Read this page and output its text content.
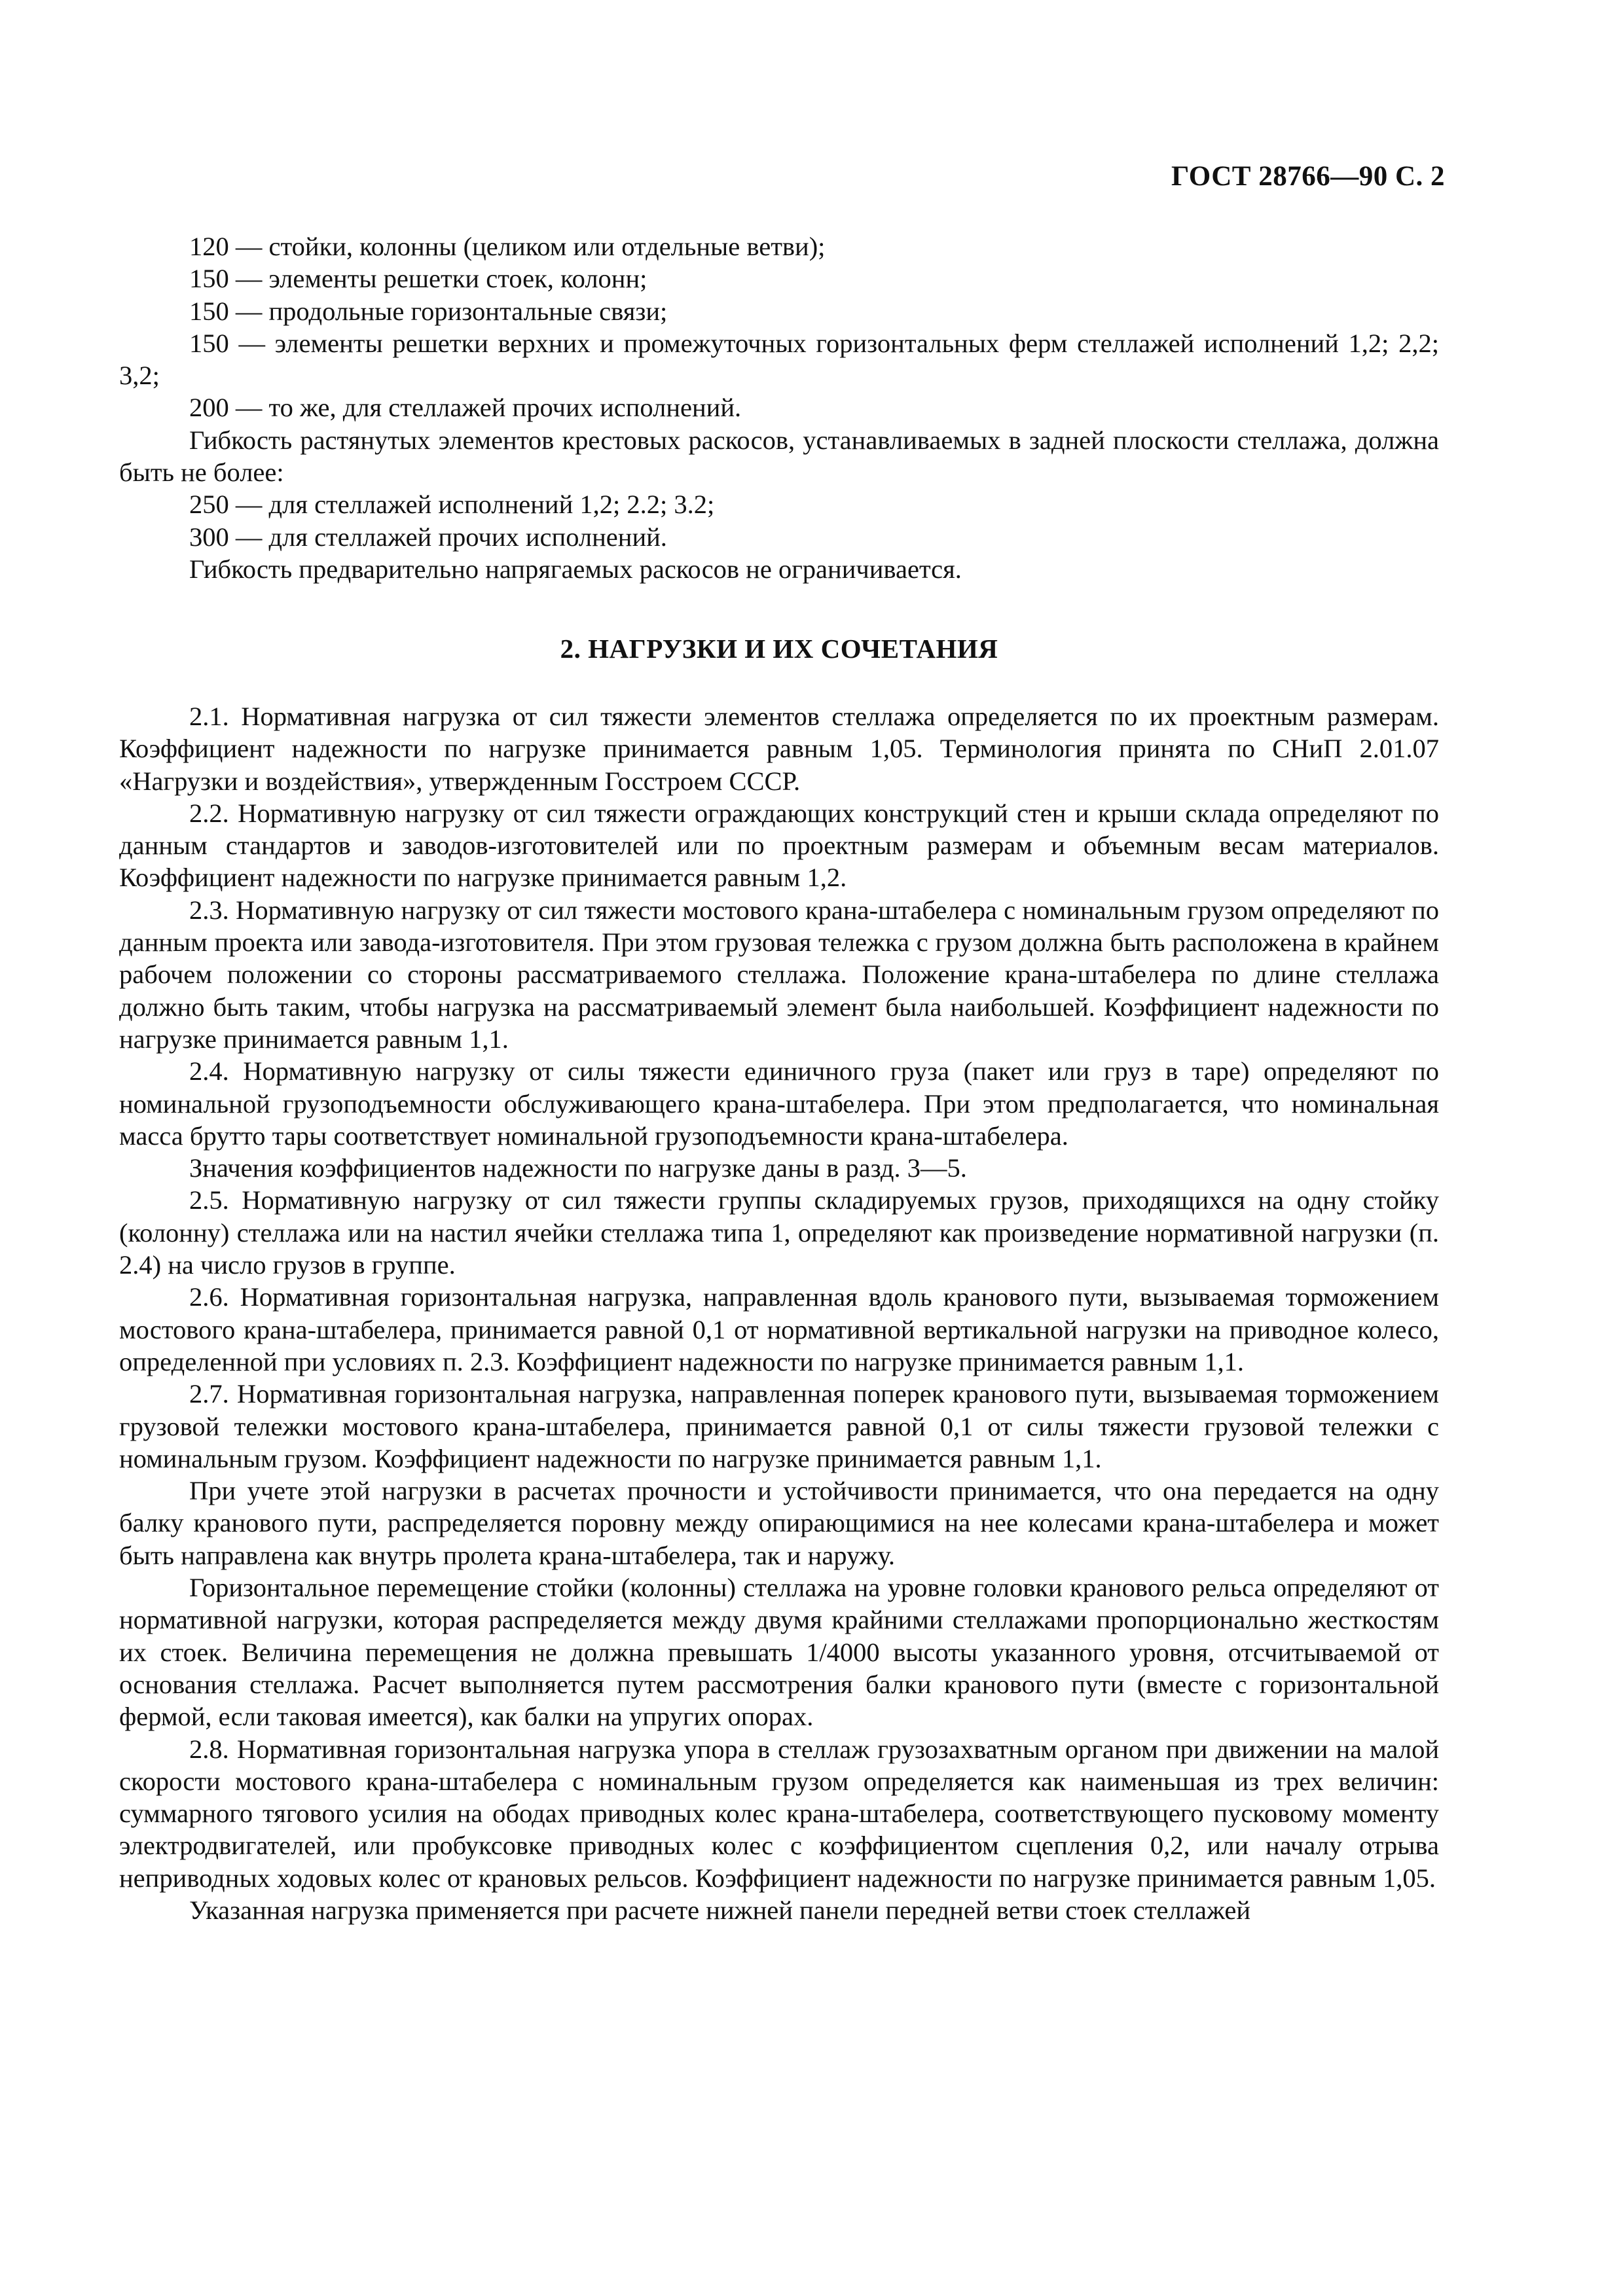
ГОСТ 28766—90 С. 2

120 — стойки, колонны (целиком или отдельные ветви);

150 — элементы решетки стоек, колонн;

150 — продольные горизонтальные связи;

150 — элементы решетки верхних и промежуточных горизонтальных ферм стеллажей исполнений 1,2; 2,2; 3,2;

200 — то же, для стеллажей прочих исполнений.

Гибкость растянутых элементов крестовых раскосов, устанавливаемых в задней плоскости стеллажа, должна быть не более:

250 — для стеллажей исполнений 1,2; 2.2; 3.2;

300 — для стеллажей прочих исполнений.

Гибкость предварительно напрягаемых раскосов не ограничивается.

2. НАГРУЗКИ И ИХ СОЧЕТАНИЯ

2.1. Нормативная нагрузка от сил тяжести элементов стеллажа определяется по их проектным размерам. Коэффициент надежности по нагрузке принимается равным 1,05. Терминология принята по СНиП 2.01.07 «Нагрузки и воздействия», утвержденным Госстроем СССР.

2.2. Нормативную нагрузку от сил тяжести ограждающих конструкций стен и крыши склада определяют по данным стандартов и заводов-изготовителей или по проектным размерам и объемным весам материалов. Коэффициент надежности по нагрузке принимается равным 1,2.

2.3. Нормативную нагрузку от сил тяжести мостового крана-штабелера с номинальным грузом определяют по данным проекта или завода-изготовителя. При этом грузовая тележка с грузом должна быть расположена в крайнем рабочем положении со стороны рассматриваемого стеллажа. Положение крана-штабелера по длине стеллажа должно быть таким, чтобы нагрузка на рассматриваемый элемент была наибольшей. Коэффициент надежности по нагрузке принимается равным 1,1.

2.4. Нормативную нагрузку от силы тяжести единичного груза (пакет или груз в таре) определяют по номинальной грузоподъемности обслуживающего крана-штабелера. При этом предполагается, что номинальная масса брутто тары соответствует номинальной грузоподъемности крана-штабелера.

Значения коэффициентов надежности по нагрузке даны в разд. 3—5.

2.5. Нормативную нагрузку от сил тяжести группы складируемых грузов, приходящихся на одну стойку (колонну) стеллажа или на настил ячейки стеллажа типа 1, определяют как произведение нормативной нагрузки (п. 2.4) на число грузов в группе.

2.6. Нормативная горизонтальная нагрузка, направленная вдоль кранового пути, вызываемая торможением мостового крана-штабелера, принимается равной 0,1 от нормативной вертикальной нагрузки на приводное колесо, определенной при условиях п. 2.3. Коэффициент надежности по нагрузке принимается равным 1,1.

2.7. Нормативная горизонтальная нагрузка, направленная поперек кранового пути, вызываемая торможением грузовой тележки мостового крана-штабелера, принимается равной 0,1 от силы тяжести грузовой тележки с номинальным грузом. Коэффициент надежности по нагрузке принимается равным 1,1.

При учете этой нагрузки в расчетах прочности и устойчивости принимается, что она передается на одну балку кранового пути, распределяется поровну между опирающимися на нее колесами крана-штабелера и может быть направлена как внутрь пролета крана-штабелера, так и наружу.

Горизонтальное перемещение стойки (колонны) стеллажа на уровне головки кранового рельса определяют от нормативной нагрузки, которая распределяется между двумя крайними стеллажами пропорционально жесткостям их стоек. Величина перемещения не должна превышать 1/4000 высоты указанного уровня, отсчитываемой от основания стеллажа. Расчет выполняется путем рассмотрения балки кранового пути (вместе с горизонтальной фермой, если таковая имеется), как балки на упругих опорах.

2.8. Нормативная горизонтальная нагрузка упора в стеллаж грузозахватным органом при движении на малой скорости мостового крана-штабелера с номинальным грузом определяется как наименьшая из трех величин: суммарного тягового усилия на ободах приводных колес крана-штабелера, соответствующего пусковому моменту электродвигателей, или пробуксовке приводных колес с коэффициентом сцепления 0,2, или началу отрыва неприводных ходовых колес от крановых рельсов. Коэффициент надежности по нагрузке принимается равным 1,05.

Указанная нагрузка применяется при расчете нижней панели передней ветви стоек стеллажей
